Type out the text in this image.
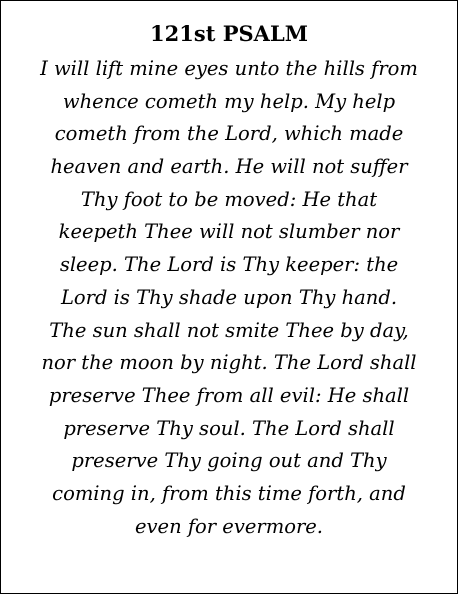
121st PSALM
I will lift mine eyes unto the hills from
whence cometh my help. My help
cometh from the Lord, which made
heaven and earth. He will not suffer
Thy foot to be moved: He that
keepeth Thee will not slumber nor
sleep. The Lord is Thy keeper: the
Lord is Thy shade upon Thy hand.
The sun shall not smite Thee by day,
nor the moon by night. The Lord shall
preserve Thee from all evil: He shall
preserve Thy soul. The Lord shall
preserve Thy going out and Thy
coming in, from this time forth, and
even for evermore.
